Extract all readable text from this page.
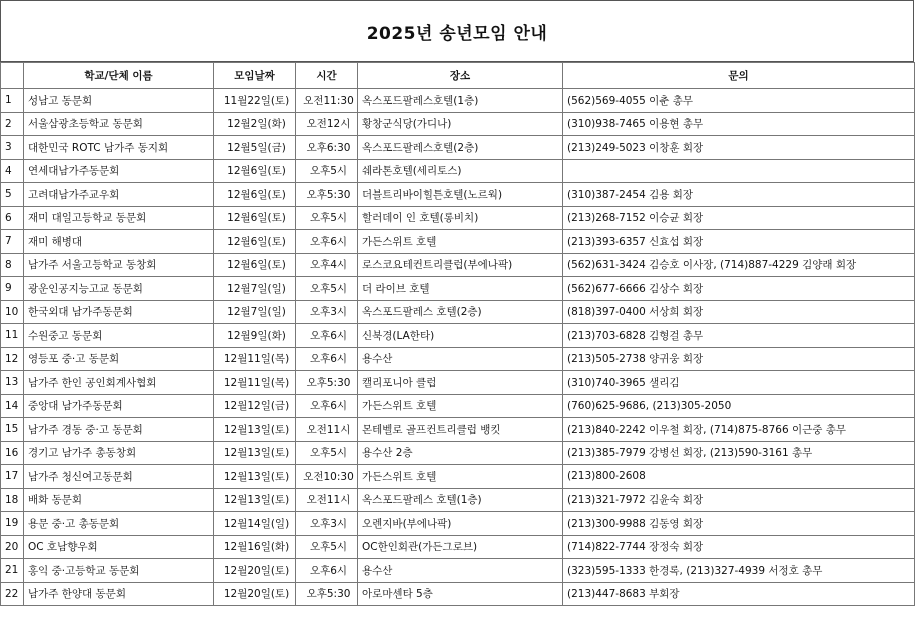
2025년 송년모임 안내
	학교/단체 이름	모임날짜	시간	장소	문의
1	성남고 동문회	11월22일(토)	오전11:30	옥스포드팔레스호텔(1층)	(562)569-4055 이춘 총무
2	서울삼광초등학교 동문회	12월2일(화)	오전12시	황창군식당(가디나)	(310)938-7465 이용현 총무
3	대한민국 ROTC 남가주 동지회	12월5일(금)	오후6:30	옥스포드팔레스호텔(2층)	(213)249-5023 이창훈 회장
4	연세대남가주동문회	12월6일(토)	오후5시	쉐라톤호텔(세리토스)	
5	고려대남가주교우회	12월6일(토)	오후5:30	더블트리바이힐튼호텔(노르웍)	(310)387-2454 김용 회장
6	재미 대일고등학교 동문회	12월6일(토)	오후5시	할러데이 인 호텔(롱비치)	(213)268-7152 이승균 회장
7	재미 해병대	12월6일(토)	오후6시	가든스위트 호텔	(213)393-6357 신효섭 회장
8	남가주 서울고등학교 동창회	12월6일(토)	오후4시	로스코요테컨트리클럽(부에나팍)	(562)631-3424 김승호 이사장, (714)887-4229 김양래 회장
9	광운인공지능고교 동문회	12월7일(일)	오후5시	더 라이브 호텔	(562)677-6666 김상수 회장
10	한국외대 남가주동문회	12월7일(일)	오후3시	옥스포드팔레스 호텔(2층)	(818)397-0400 서상희 회장
11	수원중고 동문회	12월9일(화)	오후6시	신북경(LA한타)	(213)703-6828 김형걸 총무
12	영등포 중·고 동문회	12월11일(목)	오후6시	용수산	(213)505-2738 양귀웅 회장
13	남가주 한인 공인회계사협회	12월11일(목)	오후5:30	캘리포니아 클럽	(310)740-3965 샐리김
14	중앙대 남가주동문회	12월12일(금)	오후6시	가든스위트 호텔	(760)625-9686, (213)305-2050
15	남가주 경동 중·고 동문회	12월13일(토)	오전11시	몬테벨로 골프컨트리클럽 뱅킷	(213)840-2242 이우철 회장, (714)875-8766 이근중 총무
16	경기고 남가주 총동창회	12월13일(토)	오후5시	용수산 2층	(213)385-7979 강병선 회장, (213)590-3161 총무
17	남가주 청신여고동문회	12월13일(토)	오전10:30	가든스위트 호텔	(213)800-2608
18	배화 동문회	12월13일(토)	오전11시	옥스포드팔레스 호텔(1층)	(213)321-7972 김윤숙 회장
19	용문 중·고 총동문회	12월14일(일)	오후3시	오렌지바(부에나팍)	(213)300-9988 김동영 회장
20	OC 호남향우회	12월16일(화)	오후5시	OC한인회관(가든그로브)	(714)822-7744 장정숙 회장
21	홍익 중·고등학교 동문회	12월20일(토)	오후6시	용수산	(323)595-1333 한경록, (213)327-4939 서정호 총무
22	남가주 한양대 동문회	12월20일(토)	오후5:30	아로마센타 5층	(213)447-8683 부회장
